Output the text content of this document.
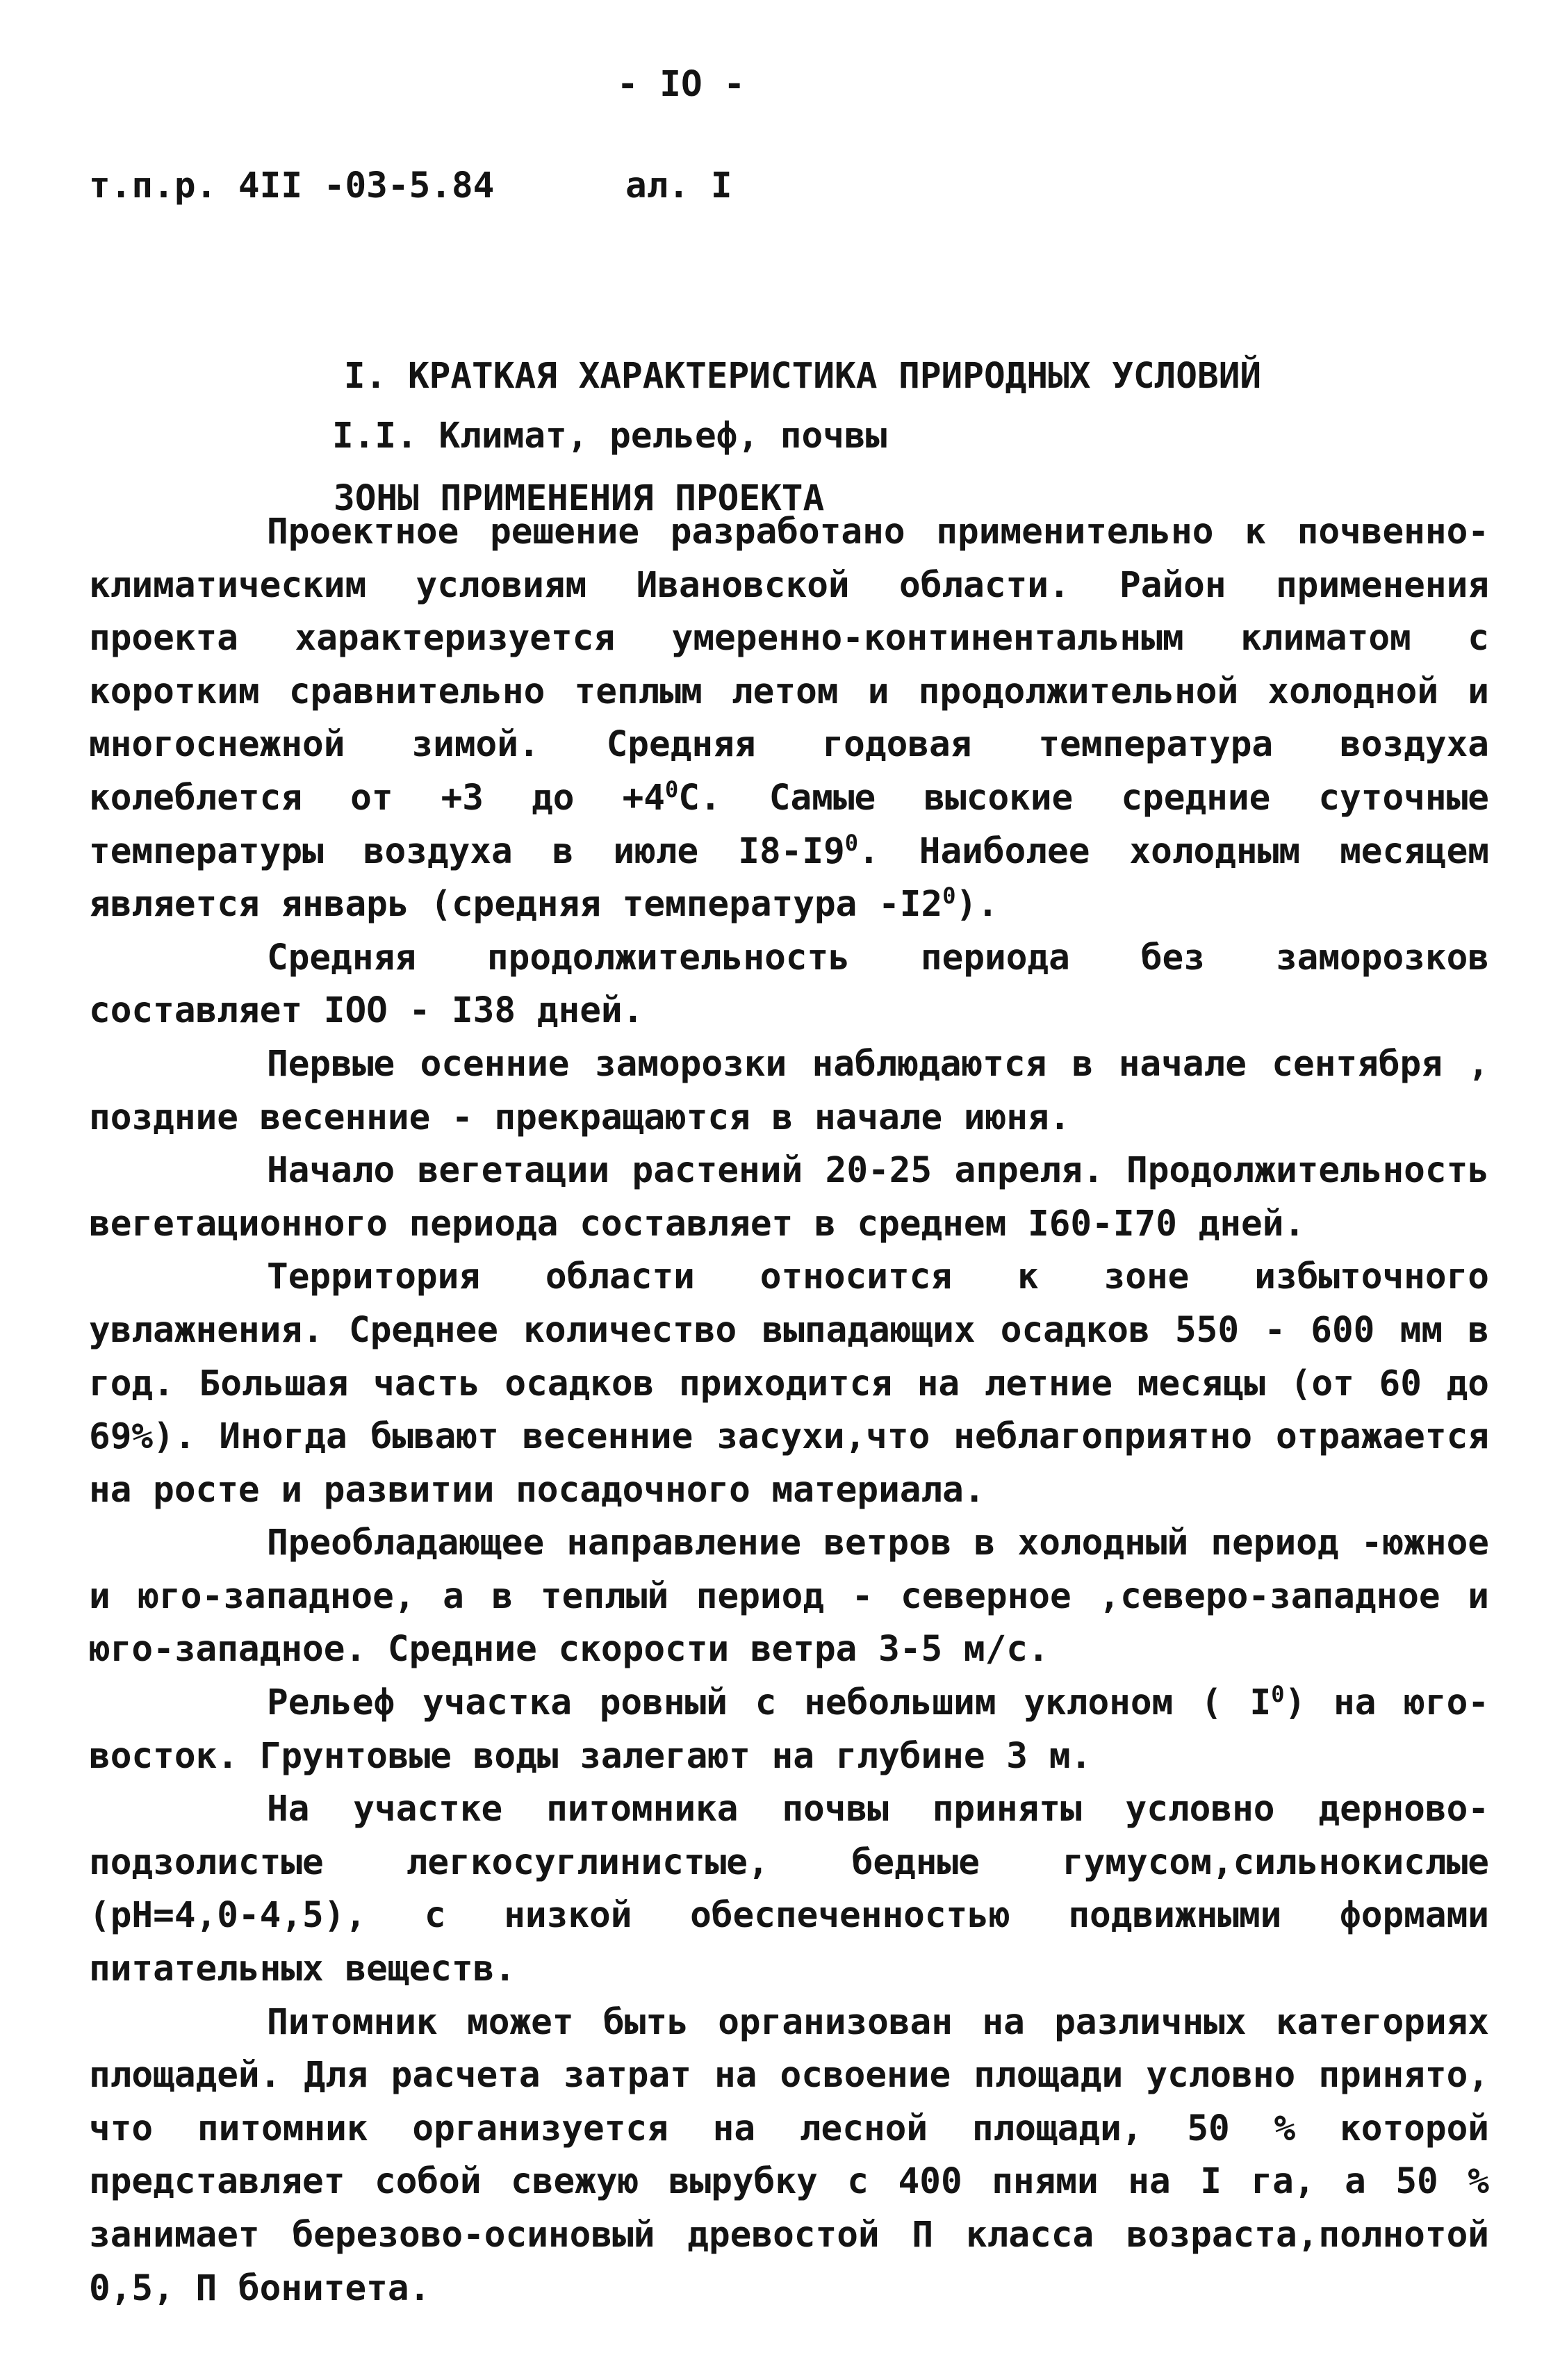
- IO -
т.п.р. 4II -03-5.84	ал. I

I. КРАТКАЯ ХАРАКТЕРИСТИКА ПРИРОДНЫХ УСЛОВИЙ

ЗОНЫ ПРИМЕНЕНИЯ ПРОЕКТА

I.I. Климат, рельеф, почвы

Проектное решение разработано применительно к почвенно-климатическим условиям Ивановской области. Район применения проекта характеризуется умеренно-континентальным климатом с коротким сравнительно теплым летом и продолжительной холодной и многоснежной зимой. Средняя годовая температура воздуха колеблется от +3 до $+4^0С$. Самые высокие средние суточные температуры воздуха в июле $I8-I9^0$. Наиболее холодным месяцем является январь (средняя температура $-I2^0$).

Средняя продолжительность периода без заморозков составляет IOO - I38 дней.

Первые осенние заморозки наблюдаются в начале сентября , поздние весенние - прекращаются в начале июня.

Начало вегетации растений 20-25 апреля. Продолжительность вегетационного периода составляет в среднем I60-I70 дней.

Территория области относится к зоне избыточного увлажнения. Среднее количество выпадающих осадков 550 - 600 мм в год. Большая часть осадков приходится на летние месяцы (от 60 до 69%). Иногда бывают весенние засухи,что неблагоприятно отражается на росте и развитии посадочного материала.

Преобладающее направление ветров в холодный период -южное и юго-западное, а в теплый период - северное ,северо-западное и юго-западное. Средние скорости ветра 3-5 м/с.

Рельеф участка ровный с небольшим уклоном ( $I^0$) на юго-восток. Грунтовые воды залегают на глубине 3 м.

На участке питомника почвы приняты условно дерново-подзолистые легкосуглинистые, бедные гумусом,сильнокислые (рН=4,0-4,5), с низкой обеспеченностью подвижными формами питательных веществ.

Питомник может быть организован на различных категориях площадей. Для расчета затрат на освоение площади условно принято, что питомник организуется на лесной площади, 50 % которой представляет собой свежую вырубку с 400 пнями на I га, а 50 % занимает березово-осиновый древостой П класса возраста,полнотой 0,5, П бонитета.
